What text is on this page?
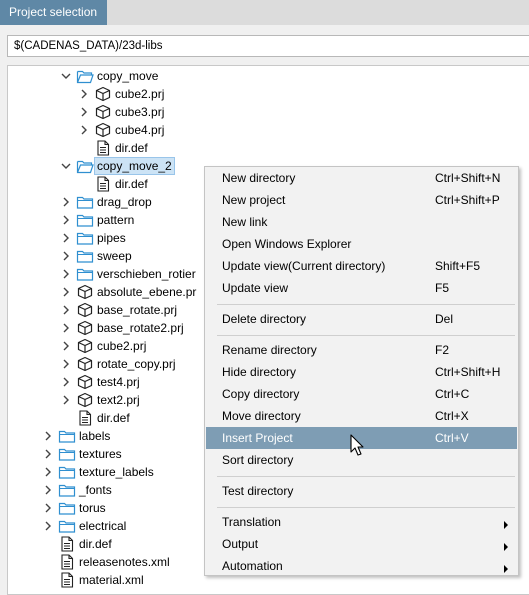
Project selection
$(CADENAS_DATA)/23d-libs
copy_move
cube2.prj
cube3.prj
cube4.prj
dir.def
copy_move_2
dir.def
drag_drop
pattern
pipes
sweep
verschieben_rotier
absolute_ebene.pr
base_rotate.prj
base_rotate2.prj
cube2.prj
rotate_copy.prj
test4.prj
text2.prj
dir.def
labels
textures
texture_labels
_fonts
torus
electrical
dir.def
releasenotes.xml
material.xml
New directory	Ctrl+Shift+N
New project	Ctrl+Shift+P
New link
Open Windows Explorer
Update view(Current directory)	Shift+F5
Update view	F5
Delete directory	Del
Rename directory	F2
Hide directory	Ctrl+Shift+H
Copy directory	Ctrl+C
Move directory	Ctrl+X
Insert Project	Ctrl+V
Sort directory
Test directory
Translation
Output
Automation
